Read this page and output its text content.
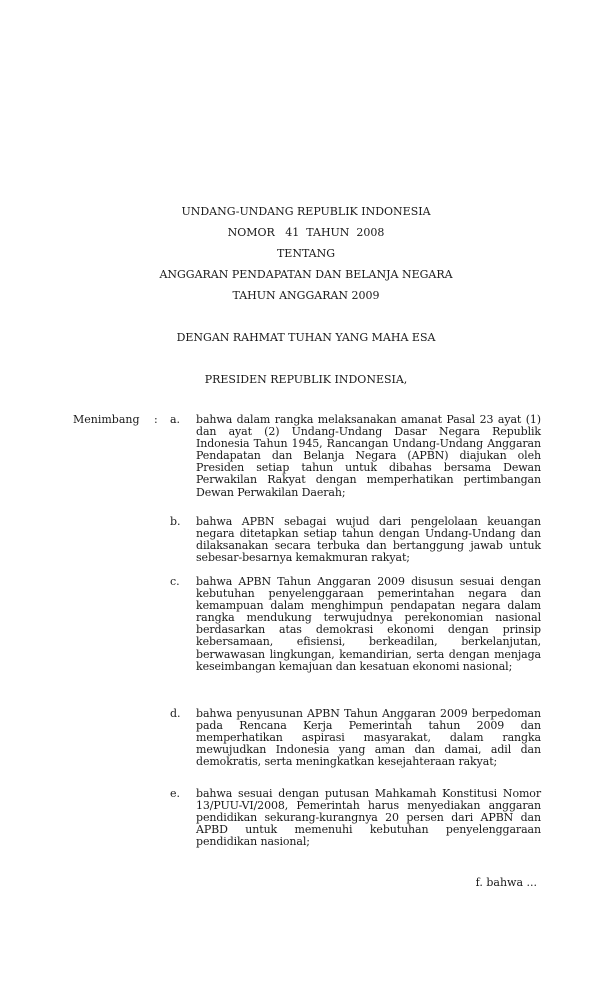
UNDANG-UNDANG REPUBLIK INDONESIA
NOMOR   41  TAHUN  2008
TENTANG
ANGGARAN PENDAPATAN DAN BELANJA NEGARA
TAHUN ANGGARAN 2009
DENGAN RAHMAT TUHAN YANG MAHA ESA
PRESIDEN REPUBLIK INDONESIA,
Menimbang : a. bahwa dalam rangka melaksanakan amanat Pasal 23 ayat (1) dan ayat (2) Undang-Undang Dasar Negara Republik Indonesia Tahun 1945, Rancangan Undang-Undang Anggaran Pendapatan dan Belanja Negara (APBN) diajukan oleh Presiden setiap tahun untuk dibahas bersama Dewan Perwakilan Rakyat dengan memperhatikan pertimbangan Dewan Perwakilan Daerah;
b. bahwa APBN sebagai wujud dari pengelolaan keuangan negara ditetapkan setiap tahun dengan Undang-Undang dan dilaksanakan secara terbuka dan bertanggung jawab untuk sebesar-besarnya kemakmuran rakyat;
c. bahwa APBN Tahun Anggaran 2009 disusun sesuai dengan kebutuhan penyelenggaraan pemerintahan negara dan kemampuan dalam menghimpun pendapatan negara dalam rangka mendukung terwujudnya perekonomian nasional berdasarkan atas demokrasi ekonomi dengan prinsip kebersamaan, efisiensi, berkeadilan, berkelanjutan, berwawasan lingkungan, kemandirian, serta dengan menjaga keseimbangan kemajuan dan kesatuan ekonomi nasional;
d. bahwa penyusunan APBN Tahun Anggaran 2009 berpedoman pada Rencana Kerja Pemerintah tahun 2009 dan memperhatikan aspirasi masyarakat, dalam rangka mewujudkan Indonesia yang aman dan damai, adil dan demokratis, serta meningkatkan kesejahteraan rakyat;
e. bahwa sesuai dengan putusan Mahkamah Konstitusi Nomor 13/PUU-VI/2008, Pemerintah harus menyediakan anggaran pendidikan sekurang-kurangnya 20 persen dari APBN dan APBD untuk memenuhi kebutuhan penyelenggaraan pendidikan nasional;
f. bahwa ...
